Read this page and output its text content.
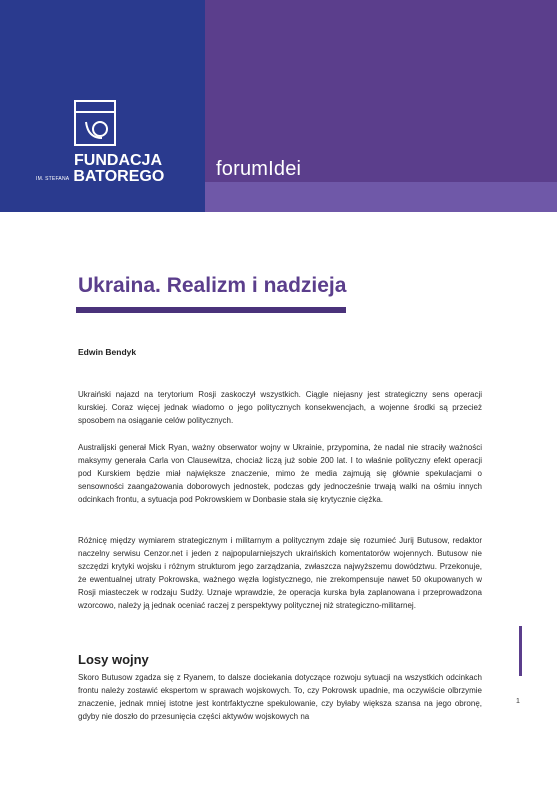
FUNDACJA
IM. STEFANA BATOREGO	forumIdei
Ukraina. Realizm i nadzieja
Edwin Bendyk

Ukraiński najazd na terytorium Rosji zaskoczył wszystkich. Ciągle niejasny jest strategiczny sens operacji kurskiej. Coraz więcej jednak wiadomo o jego politycznych konsekwencjach, a wojenne środki są przecież sposobem na osiąganie celów politycznych.

Australijski generał Mick Ryan, ważny obserwator wojny w Ukrainie, przypomina, że nadal nie straciły ważności maksymy generała Carla von Clausewitza, chociaż liczą już sobie 200 lat. I to właśnie polityczny efekt operacji pod Kurskiem będzie miał największe znaczenie, mimo że media zajmują się głównie spekulacjami o sensowności zaangażowania doborowych jednostek, podczas gdy jednocześnie trwają walki na ośmiu innych odcinkach frontu, a sytuacja pod Pokrowskiem w Donbasie stała się krytycznie ciężka.

Różnicę między wymiarem strategicznym i militarnym a politycznym zdaje się rozumieć Jurij Butusow, redaktor naczelny serwisu Cenzor.net i jeden z najpopularniejszych ukraińskich komentatorów wojennych. Butusow nie szczędzi krytyki wojsku i różnym strukturom jego zarządzania, zwłaszcza najwyższemu dowództwu. Przekonuje, że ewentualnej utraty Pokrowska, ważnego węzła logistycznego, nie zrekompensuje nawet 50 okupowanych w Rosji miasteczek w rodzaju Sudży. Uznaje wprawdzie, że operacja kurska była zaplanowana i przeprowadzona wzorcowo, należy ją jednak oceniać raczej z perspektywy politycznej niż strategiczno-militarnej.

Losy wojny

Skoro Butusow zgadza się z Ryanem, to dalsze dociekania dotyczące rozwoju sytuacji na wszystkich odcinkach frontu należy zostawić ekspertom w sprawach wojskowych. To, czy Pokrowsk upadnie, ma oczywiście olbrzymie znaczenie, jednak mniej istotne jest kontrfaktyczne spekulowanie, czy byłaby większa szansa na jego obronę, gdyby nie doszło do przesunięcia części aktywów wojskowych na

1
